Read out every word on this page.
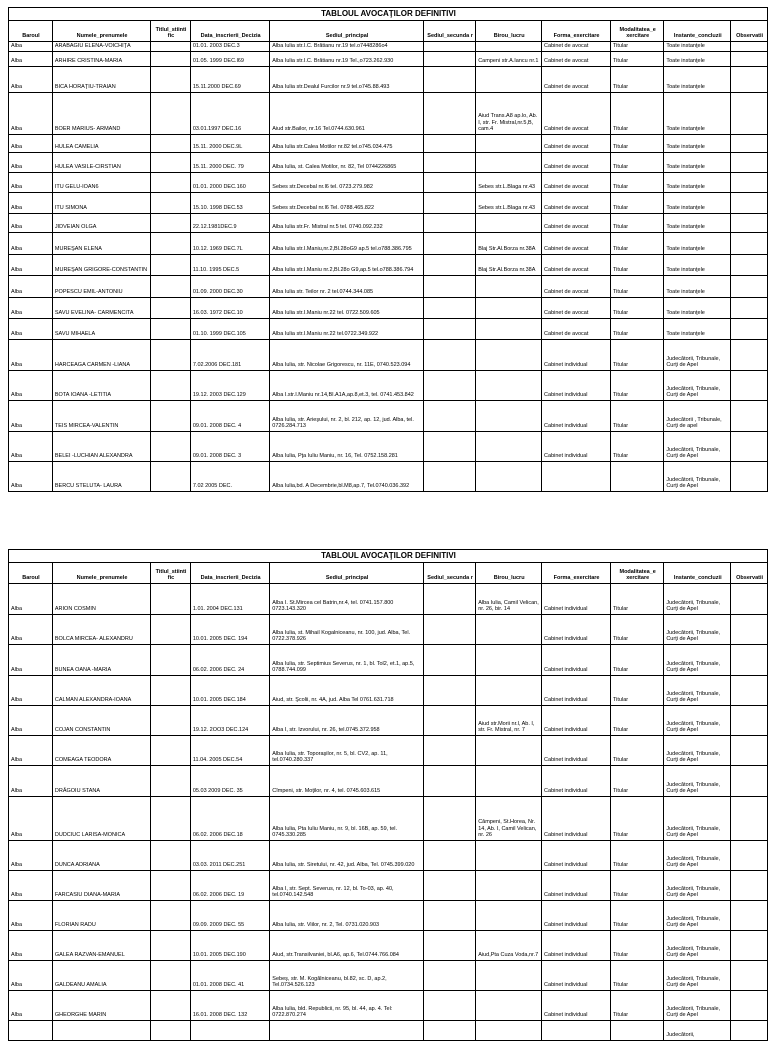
TABLOUL AVOCAŢILOR DEFINITIVI										
Barоul	Numele_prenumele	Titlul_stiinti fic	Data_inscrierii_Decizia	Sediul_principal	Sediul_secunda r	Birou_lucru	Forma_exercitare	Modalitatea_e xercitare	Instante_concluzii	Observatii
Alba	ARABAGIU ELENA-VOICHIŢA		01.01. 2003 DEC.3	Alba Iulia str.I.C. Brătianu nr.19 tel.o7448286o4			Cabinet de avocat	Titular	Toate instanţele	
Alba	ARHIRE CRISTINA-MARIA		01.05. 1999 DEC.l69	Alba Iulia str.I.C. Brătianu nr.19 Tel.,o723.262.930		Campeni str.A.Iancu nr.1	Cabinet de avocat	Titular	Toate instanţele	
Alba	BICA HORAŢIU-TRAIAN		15.11.2000 DEC.69	Alba Iulia str.Dealul Furcilor nr.9 tel.o745.88.493			Cabinet de avocat	Titular	Toate instanţele	
Alba	BOER MARIUS- ARMAND		03.01.1997 DEC.16	Aiud str.Bailor, nr.16 Tel.0744.630.961		Aiud Trans.A8 ap.lo, Ab. I, str. Fr. Mistral,nr.5,B, cam.4	Cabinet de avocat	Titular	Toate instanţele	
Alba	HULEA CAMELIA		15.11. 2000 DEC.9L	Alba Iulia str.Calea Motilor nr.82 tel.o745.034.475			Cabinet de avocat	Titular	Toate instanţele	
Alba	HULEA VASILE-CIRSTIAN		15.11. 2000 DEC. 79	Alba Iulia, st. Calea Motilor, nr. 82, Tel 0744226865			Cabinet de avocat	Titular	Toate instanţele	
Alba	ITU GELU-IOAN6		01.01. 2000 DEC.160	Sebes str.Decebal nr.l6 tel. 0723.279.982		Sebes str.L.Blaga nr.43	Cabinet de avocat	Titular	Toate instanţele	
Alba	ITU SIMONA		15.10. 1998 DEC.53	Sebes str.Decebal nr.l6 Tel. 0788.465.822		Sebes str.L.Blaga nr.43	Cabinet de avocat	Titular	Toate instanţele	
Alba	JIDVEIAN OLGA		22.12.1981DEC.9	Alba Iulia str.Fr. Mistral nr.5 tel. 0740.092.232			Cabinet de avocat	Titular	Toate instanţele	
Alba	MUREŞAN ELENA		10.12. 1969 DEC.7L	Alba Iulia str.I.Maniu,nr.2,Bl.28oG9 ap.5 tel.o788.386.795		Blaj Str.Al.Borza nr.38A	Cabinet de avocat	Titular	Toate instanţele	
Alba	MUREŞAN GRIGORE-CONSTANTIN		11.10. 1995 DEC.5	Alba Iulia str.I.Maniu nr.2,Bl.28o G9,ap.5 tel.o788.386.794		Blaj Str.Al.Borza nr.38A	Cabinet de avocat	Titular	Toate instanţele	
Alba	POPESCU EMIL-ANTONIU		01.09. 2000 DEC.30	Alba Iulia str. Teilor nr. 2 tel.0744.344.085			Cabinet de avocat	Titular	Toate instanţele	
Alba	SAVU EVELINA- CARMENCITA		16.03. 1972 DEC.10	Alba Iulia str.I.Maniu nr.22 tel. 0722.509.605			Cabinet de avocat	Titular	Toate instanţele	
Alba	SAVU MIHAELA		01.10. 1999 DEC.105	Alba Iulia str.I.Maniu nr.22 tel.0722.349.922			Cabinet de avocat	Titular	Toate instanţele	
Alba	HARCEAGA CARMEN -LIANA		7.02.2006 DEC.181	Alba Iulia, str. Nicolae Grigorescu, nr. 11E, 0740.523.094			Cabinet individual	Titular	Judecătorii, Tribunale, Curţi de Apel	
Alba	BOTA IOANA -LETITIA		19.12. 2003 DEC.129	Alba I.str.I.Maniu nr.14,Bl.A1A,ap.8,et.3, tel. 0741.453.842			Cabinet individual	Titular	Judecătorii, Tribunale, Curţi de Apel	
Alba	TEIS MIRCEA-VALENTIN		09.01. 2008 DEC. 4	Alba Iulia, str. Arieşului, nr. 2, bl. 212, ap. 12, jud. Alba, tel. 0726.284.713			Cabinet individual	Titular	Judecătorii , Tribunale, Curţi de apel	
Alba	BELEI -LUCHIAN ALEXANDRA		09.01. 2008 DEC. 3	Alba Iulia, Pţa Iuliu Maniu, nr. 16, Tel. 0752.158.281			Cabinet individual	Titular	Judecătorii, Tribunale, Curţi de Apel	
Alba	BERCU STELUTA- LAURA		7.02 2005 DEC.	Alba Iulia,bd. A Decembrie,bl.M8,ap.7, Tel.0740.036.392					Judecătorii, Tribunale, Curţi de Apel	
TABLOUL AVOCAŢILOR DEFINITIVI										
Barоul	Numele_prenumele	Titlul_stiinti fic	Data_inscrierii_Decizia	Sediul_principal	Sediul_secunda r	Birou_lucru	Forma_exercitare	Modalitatea_e xercitare	Instante_concluzii	Observatii
Alba	ARION COSMIN		1.01. 2004 DEC.131	Alba I. St.Mircea cel Batrin,nr.4, tel. 0741.157.800 0723.143.320		Alba Iulia, Camil Velican, nr. 26, bir. 14	Cabinet individual	Titular	Judecătorii, Tribunale, Curţi de Apel	
Alba	BOLCA MIRCEA- ALEXANDRU		10.01. 2005 DEC. 194	Alba Iulia, st. Mihail Kogalniceanu, nr. 100, jud. Alba, Tel. 0722.378.926			Cabinet individual	Titular	Judecătorii, Tribunale, Curţi de Apel	
Alba	BUNEA OANA -MARIA		06.02. 2006 DEC. 24	Alba Iulia, str. Septimius Severus, nr. 1, bl. Tol2, et.1, ap.5, 0788.744.099			Cabinet individual	Titular	Judecătorii, Tribunale, Curţi de Apel	
Alba	CALMAN ALEXANDRA-IOANA		10.01. 2005 DEC.184	Aiud, str. Şcolii, nr. 4A, jud. Alba Tel 0761.631.718			Cabinet individual	Titular	Judecătorii, Tribunale, Curţi de Apel	
Alba	COJAN CONSTANTIN		19.12. 2OO3 DEC.124	Alba I, str. Izvorului, nr. 26, tel.0745.372.958		Aiud str.Morii nr.l, Ab. I, str. Fr. Mistral, nr. 7	Cabinet individual	Titular	Judecătorii, Tribunale, Curţi de Apel	
Alba	COMEAGA TEODORA		11.04. 2005 DEC.54	Alba Iulia, str. Toporaşilor, nr. 5, bl. CV2, ap. 11, tel.0740.280.337			Cabinet individual	Titular	Judecătorii, Tribunale, Curţi de Apel	
Alba	DRĂGOIU STANA		05.03 2009 DEC. 35	Cîmpeni, str. Moţilor, nr. 4, tel. 0745.603.615			Cabinet individual	Titular	Judecătorii, Tribunale, Curţi de Apel	
Alba	DUDCIUC LARISA-MONICA		06.02. 2006 DEC.18	Alba Iulia, Pta Iuliu Maniu, nr. 9, bl. 16B, ap. 59, tel. 0745.330.285		Câmpeni, St.Horea, Nr. 14, Ab. I, Camil Velican, nr. 26	Cabinet individual	Titular	Judecătorii, Tribunale, Curţi de Apel	
Alba	DUNCA ADRIANA		03.03. 2011 DEC.251	Alba Iulia, str. Siretului, nr. 42, jud. Alba, Tel. 0745.399.020			Cabinet individual	Titular	Judecătorii, Tribunale, Curţi de Apel	
Alba	FARCASIU DIANA-MARIA		06.02. 2006 DEC. 19	Alba I, str. Sept. Severus, nr. 12, bl. To-03, ap. 40, tel.0740.142.548			Cabinet individual	Titular	Judecătorii, Tribunale, Curţi de Apel	
Alba	FLORIAN RADU		09.09. 2009 DEC. 55	Alba Iulia, str. Viilor, nr. 2, Tel. 0731.020.903			Cabinet individual	Titular	Judecătorii, Tribunale, Curţi de Apel	
Alba	GALEA RAZVAN-EMANUEL		10.01. 2005 DEC.190	Aiud, str.Transilvaniei, bl.A6, ap.6, Tel.0744.766.084		Aiud,Pta Cuza Voda,nr.7	Cabinet individual	Titular	Judecătorii, Tribunale, Curţi de Apel	
Alba	GALDEANU AMALIA		01.01. 2008 DEC. 41	Sebeş, str. M. Kogălniceanu, bl.82, sc. D, ap.2, Tel.0734.526.123			Cabinet individual	Titular	Judecătorii, Tribunale, Curţi de Apel	
Alba	GHEORGHE MARIN		16.01. 2008 DEC. 132	Alba Iulia, bld. Republicii, nr. 95, bl. 44, ap. 4. Tel: 0722.870.274			Cabinet individual	Titular	Judecătorii, Tribunale, Curţi de Apel	
									Judecătorii,	
